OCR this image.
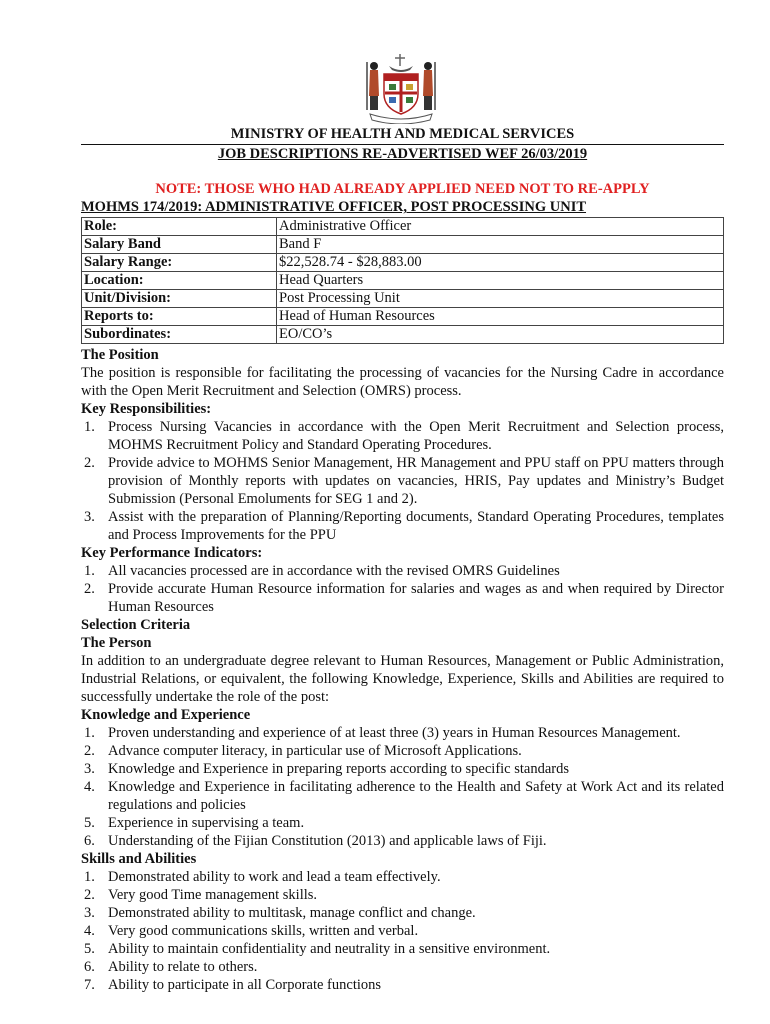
MINISTRY OF HEALTH AND MEDICAL SERVICES
JOB DESCRIPTIONS RE-ADVERTISED WEF 26/03/2019
NOTE: THOSE WHO HAD ALREADY APPLIED NEED NOT TO RE-APPLY
MOHMS 174/2019: ADMINISTRATIVE OFFICER, POST PROCESSING UNIT
Role:	Administrative Officer
Salary Band	Band F
Salary Range:	$22,528.74 - $28,883.00
Location:	Head Quarters
Unit/Division:	Post Processing Unit
Reports to:	Head of Human Resources
Subordinates:	EO/CO’s
The Position
The position is responsible for facilitating the processing of vacancies for the Nursing Cadre in accordance with the Open Merit Recruitment and Selection (OMRS) process.
Key Responsibilities:
1. Process Nursing Vacancies in accordance with the Open Merit Recruitment and Selection process, MOHMS Recruitment Policy and Standard Operating Procedures.
2. Provide advice to MOHMS Senior Management, HR Management and PPU staff on PPU matters through provision of Monthly reports with updates on vacancies, HRIS, Pay updates and Ministry’s Budget Submission (Personal Emoluments for SEG 1 and 2).
3. Assist with the preparation of Planning/Reporting documents, Standard Operating Procedures, templates and Process Improvements for the PPU
Key Performance Indicators:
1. All vacancies processed are in accordance with the revised OMRS Guidelines
2. Provide accurate Human Resource information for salaries and wages as and when required by Director Human Resources
Selection Criteria
The Person
In addition to an undergraduate degree relevant to Human Resources, Management or Public Administration, Industrial Relations, or equivalent, the following Knowledge, Experience, Skills and Abilities are required to successfully undertake the role of the post:
Knowledge and Experience
1. Proven understanding and experience of at least three (3) years in Human Resources Management.
2. Advance computer literacy, in particular use of Microsoft Applications.
3. Knowledge and Experience in preparing reports according to specific standards
4. Knowledge and Experience in facilitating adherence to the Health and Safety at Work Act and its related regulations and policies
5. Experience in supervising a team.
6. Understanding of the Fijian Constitution (2013) and applicable laws of Fiji.
Skills and Abilities
1. Demonstrated ability to work and lead a team effectively.
2. Very good Time management skills.
3. Demonstrated ability to multitask, manage conflict and change.
4. Very good communications skills, written and verbal.
5. Ability to maintain confidentiality and neutrality in a sensitive environment.
6. Ability to relate to others.
7. Ability to participate in all Corporate functions
